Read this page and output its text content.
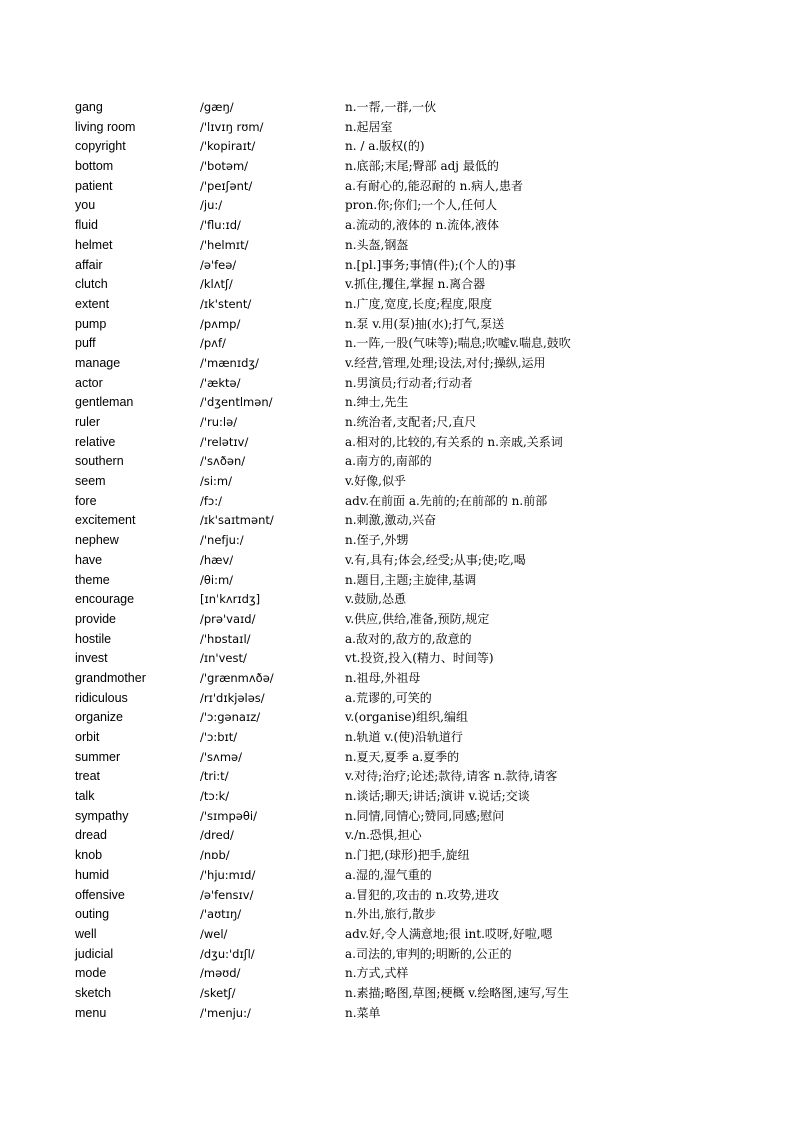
gang	/gæŋ/	n.一帮,一群,一伙
living room	/'lɪvɪŋ rʊm/	n.起居室
copyright	/'kopiraɪt/	n. / a.版权(的)
bottom	/'botəm/	n.底部;末尾;臀部 adj 最低的
patient	/'peɪʃənt/	a.有耐心的,能忍耐的 n.病人,患者
you	/ju:/	pron.你;你们;一个人,任何人
fluid	/'flu:ɪd/	a.流动的,液体的 n.流体,液体
helmet	/'helmɪt/	n.头盔,钢盔
affair	/ə'feə/	n.[pl.]事务;事情(件);(个人的)事
clutch	/klʌtʃ/	v.抓住,攫住,掌握 n.离合器
extent	/ɪk'stent/	n.广度,宽度,长度;程度,限度
pump	/pʌmp/	n.泵 v.用(泵)抽(水);打气,泵送
puff	/pʌf/	n.一阵,一股(气味等);喘息;吹嘘v.喘息,鼓吹
manage	/'mænɪdʒ/	v.经营,管理,处理;设法,对付;操纵,运用
actor	/'æktə/	n.男演员;行动者;行动者
gentleman	/'dʒentlmən/	n.绅士,先生
ruler	/'ru:lə/	n.统治者,支配者;尺,直尺
relative	/'relətɪv/	a.相对的,比较的,有关系的 n.亲戚,关系词
southern	/'sʌðən/	a.南方的,南部的
seem	/si:m/	v.好像,似乎
fore	/fɔ:/	adv.在前面 a.先前的;在前部的 n.前部
excitement	/ɪk'saɪtmənt/	n.刺激,激动,兴奋
nephew	/'nefju:/	n.侄子,外甥
have	/hæv/	v.有,具有;体会,经受;从事;使;吃,喝
theme	/θi:m/	n.题目,主题;主旋律,基调
encourage	[ɪnˈkʌrɪdʒ]	v.鼓励,怂恿
provide	/prə'vaɪd/	v.供应,供给,准备,预防,规定
hostile	/'hɒstaɪl/	a.敌对的,敌方的,敌意的
invest	/ɪn'vest/	vt.投资,投入(精力、时间等)
grandmother	/'grænmʌðə/	n.祖母,外祖母
ridiculous	/rɪ'dɪkjələs/	a.荒谬的,可笑的
organize	/'ɔ:gənaɪz/	v.(organise)组织,编组
orbit	/'ɔ:bɪt/	n.轨道 v.(使)沿轨道行
summer	/'sʌmə/	n.夏天,夏季 a.夏季的
treat	/tri:t/	v.对待;治疗;论述;款待,请客 n.款待,请客
talk	/tɔ:k/	n.谈话;聊天;讲话;演讲 v.说话;交谈
sympathy	/'sɪmpəθi/	n.同情,同情心;赞同,同感;慰问
dread	/dred/	v./n.恐惧,担心
knob	/nɒb/	n.门把,(球形)把手,旋纽
humid	/'hju:mɪd/	a.湿的,湿气重的
offensive	/ə'fensɪv/	a.冒犯的,攻击的 n.攻势,进攻
outing	/'aʊtɪŋ/	n.外出,旅行,散步
well	/wel/	adv.好,令人满意地;很 int.哎呀,好啦,嗯
judicial	/dʒu:'dɪʃl/	a.司法的,审判的;明断的,公正的
mode	/məʊd/	n.方式,式样
sketch	/sketʃ/	n.素描;略图,草图;梗概 v.绘略图,速写,写生
menu	/'menju:/	n.菜单
